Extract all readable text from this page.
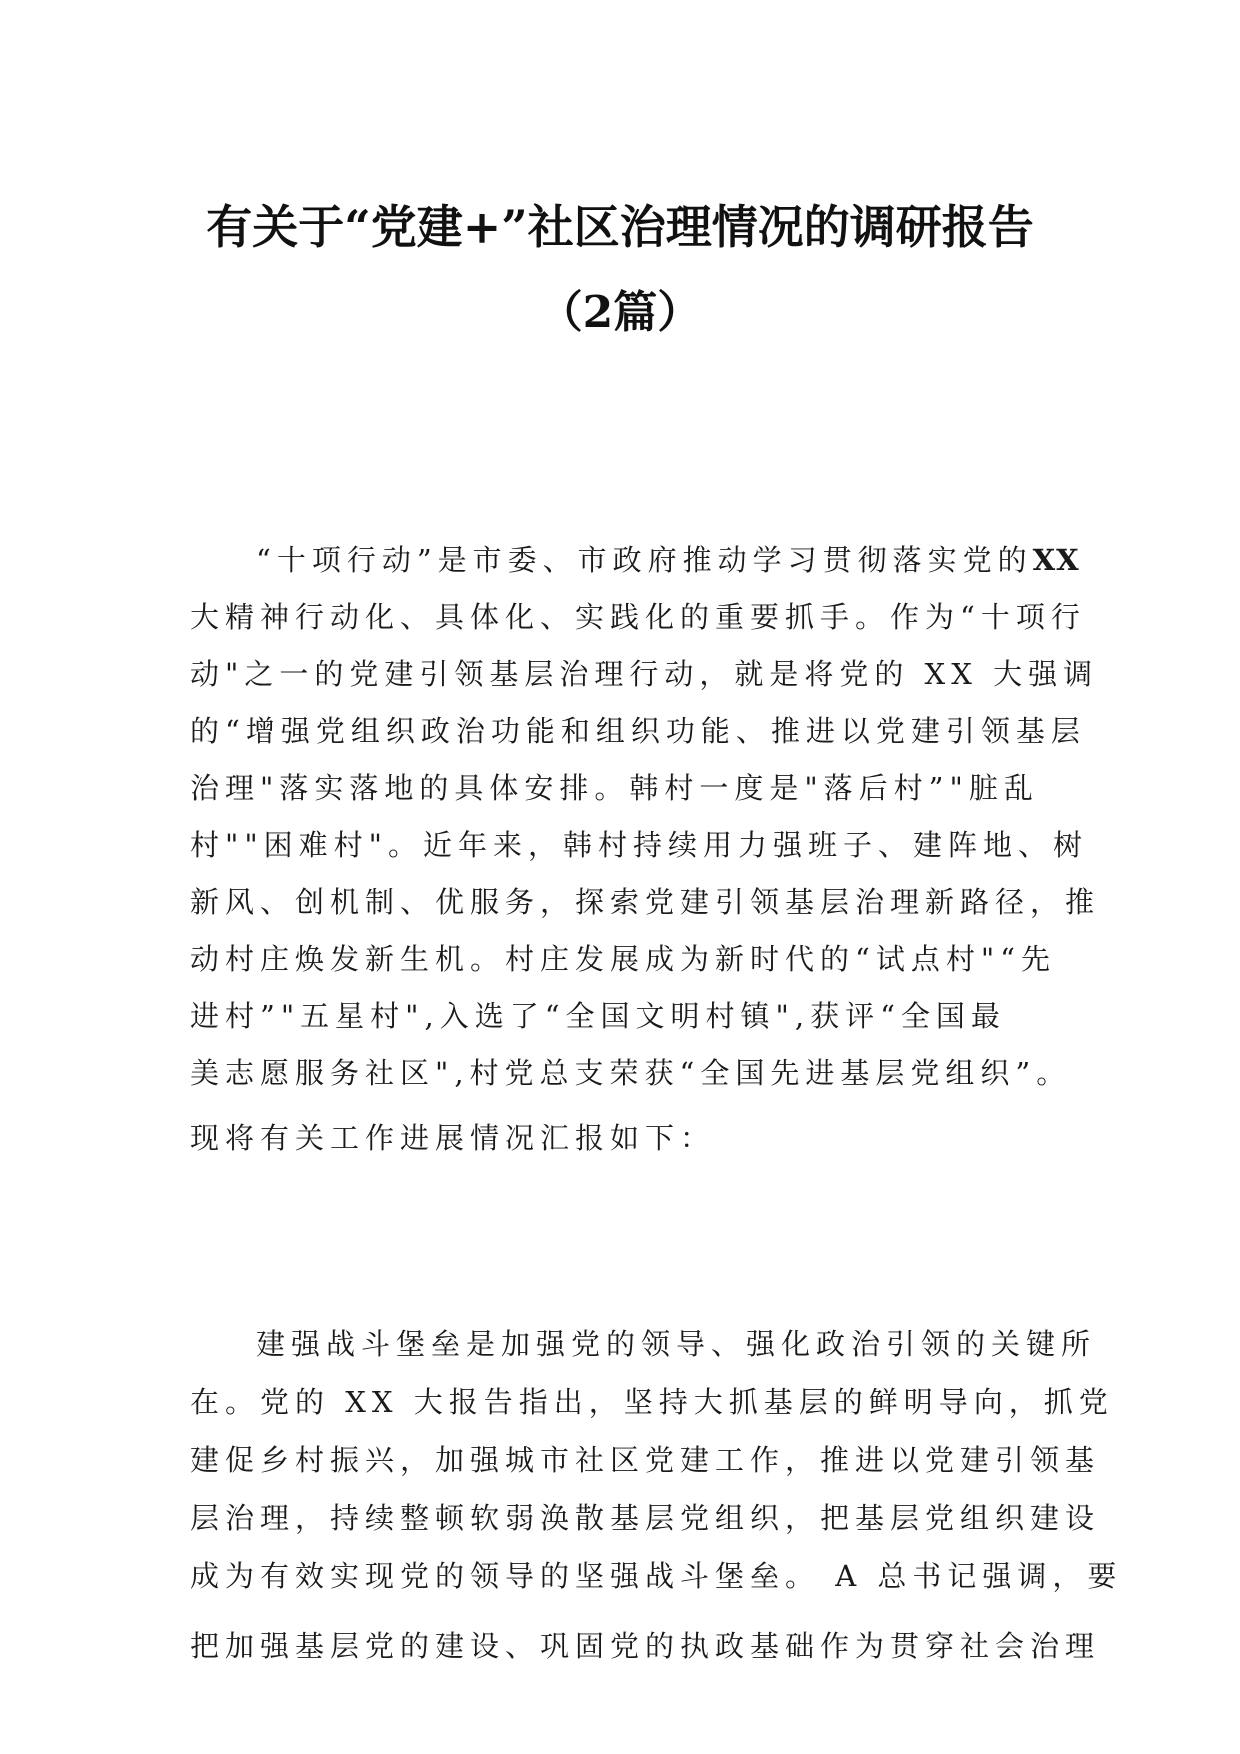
有关于“党建+”社区治理情况的调研报告
（2篇）
“十项行动”是市委、市政府推动学习贯彻落实党的XX
大精神行动化、具体化、实践化的重要抓手。作为“十项行
动"之一的党建引领基层治理行动，就是将党的 XX 大强调
的“增强党组织政治功能和组织功能、推进以党建引领基层
治理"落实落地的具体安排。韩村一度是"落后村”"脏乱
村""困难村"。近年来，韩村持续用力强班子、建阵地、树
新风、创机制、优服务，探索党建引领基层治理新路径，推
动村庄焕发新生机。村庄发展成为新时代的“试点村"“先
进村”"五星村",入选了“全国文明村镇",获评“全国最
美志愿服务社区",村党总支荣获“全国先进基层党组织”。
现将有关工作进展情况汇报如下：
建强战斗堡垒是加强党的领导、强化政治引领的关键所
在。党的 XX 大报告指出，坚持大抓基层的鲜明导向，抓党
建促乡村振兴，加强城市社区党建工作，推进以党建引领基
层治理，持续整顿软弱涣散基层党组织，把基层党组织建设
成为有效实现党的领导的坚强战斗堡垒。 A 总书记强调，要
把加强基层党的建设、巩固党的执政基础作为贯穿社会治理
